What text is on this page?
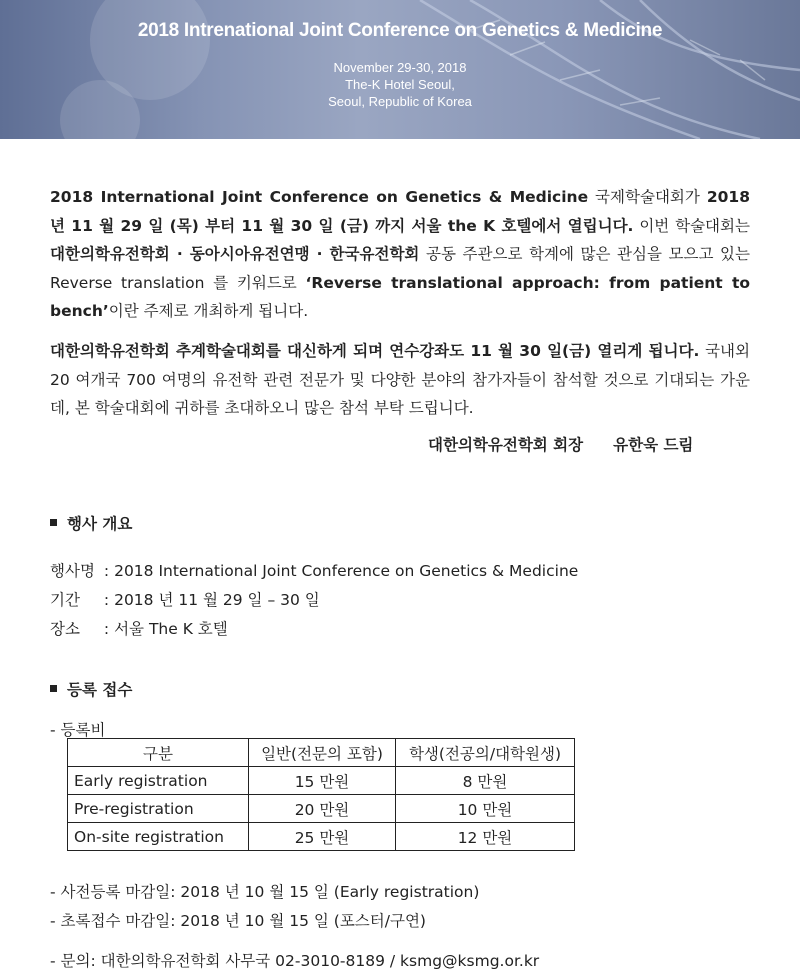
2018 Intrenational Joint Conference on Genetics & Medicine
November 29-30, 2018
The-K Hotel Seoul,
Seoul, Republic of Korea

2018 International Joint Conference on Genetics & Medicine 국제학술대회가 2018 년 11 월 29 일 (목) 부터 11 월 30 일 (금) 까지 서울 the K 호텔에서 열립니다. 이번 학술대회는 대한의학유전학회 · 동아시아유전연맹 · 한국유전학회 공동 주관으로 학계에 많은 관심을 모으고 있는 Reverse translation 를 키워드로 ‘Reverse translational approach: from patient to bench’이란 주제로 개최하게 됩니다.

대한의학유전학회 추계학술대회를 대신하게 되며 연수강좌도 11 월 30 일(금) 열리게 됩니다. 국내외 20 여개국 700 여명의 유전학 관련 전문가 및 다양한 분야의 참가자들이 참석할 것으로 기대되는 가운데, 본 학술대회에 귀하를 초대하오니 많은 참석 부탁 드립니다.

대한의학유전학회 회장 유한욱 드림
행사 개요
행사명 : 2018 International Joint Conference on Genetics & Medicine
기간 : 2018 년 11 월 29 일 – 30 일
장소 : 서울 The K 호텔
등록 접수
- 등록비
구분	일반(전문의 포함)	학생(전공의/대학원생)
Early registration	15 만원	8 만원
Pre-registration	20 만원	10 만원
On-site registration	25 만원	12 만원
- 사전등록 마감일: 2018 년 10 월 15 일 (Early registration)
- 초록접수 마감일: 2018 년 10 월 15 일 (포스터/구연)
- 문의: 대한의학유전학회 사무국 02-3010-8189 / ksmg@ksmg.or.kr
